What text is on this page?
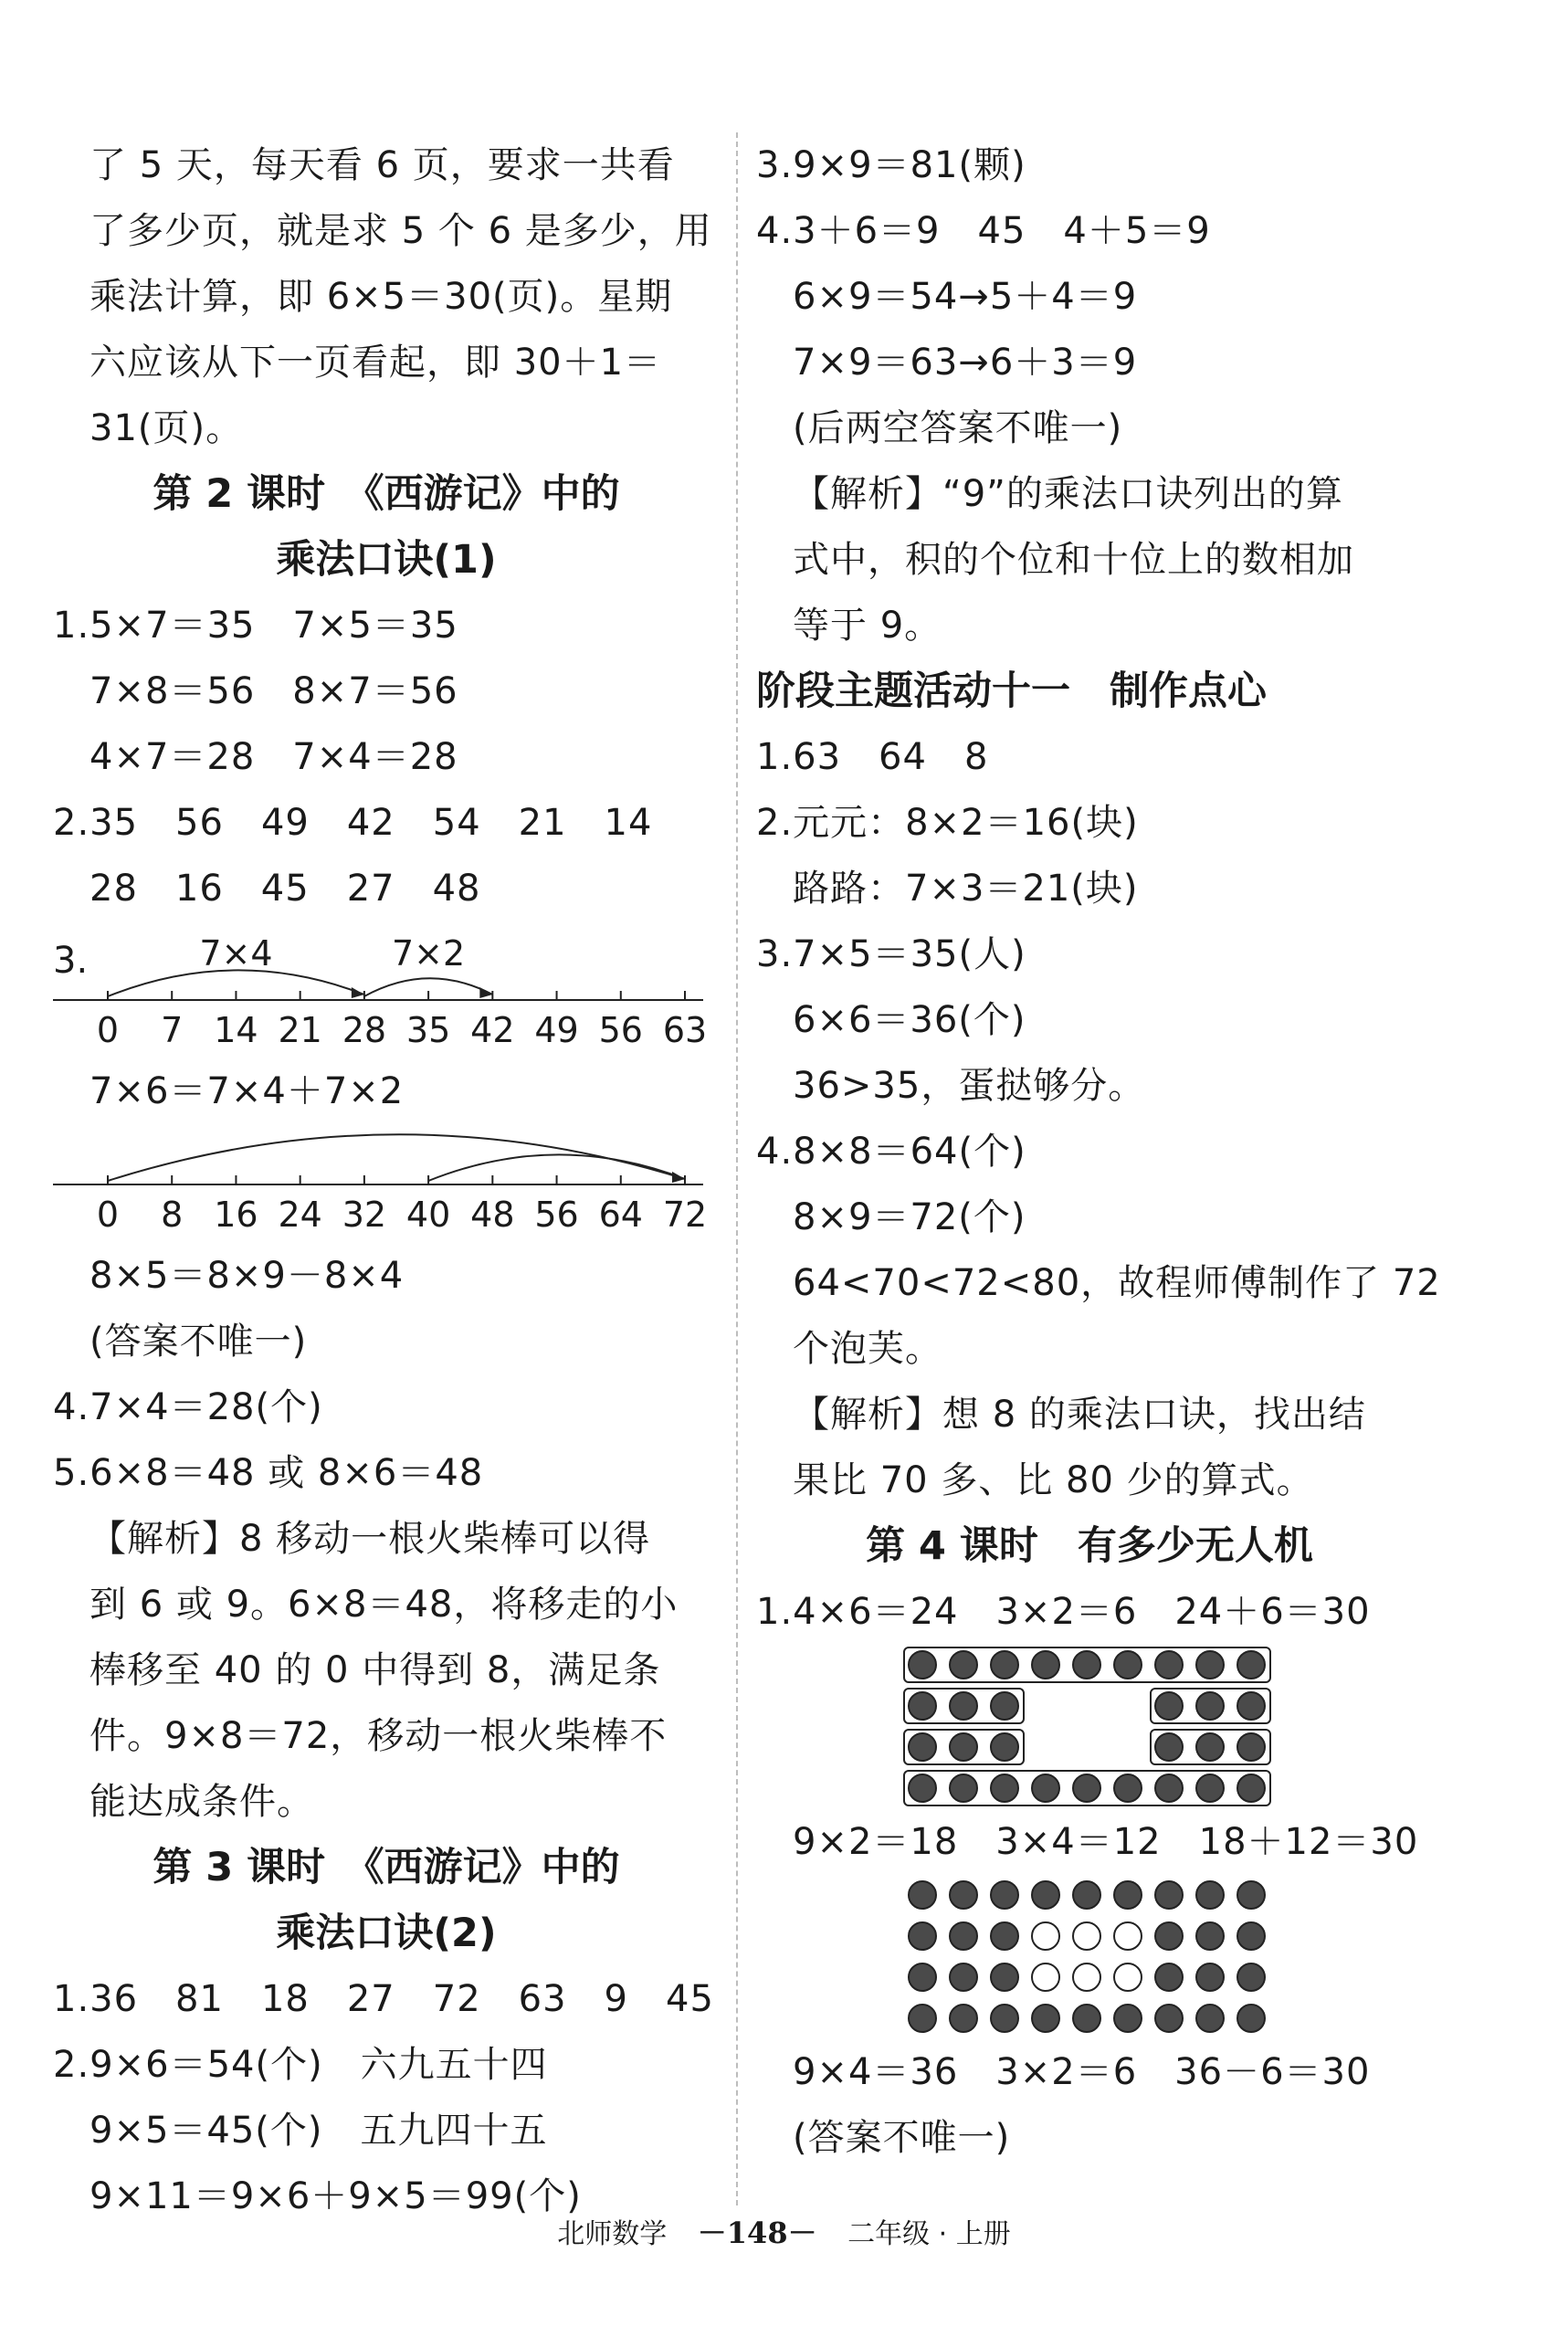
了 5 天，每天看 6 页，要求一共看
了多少页，就是求 5 个 6 是多少，用
乘法计算，即 6×5＝30(页)。星期
六应该从下一页看起，即 30＋1＝
31(页)。
第 2 课时　《西游记》中的
乘法口诀(1)
1.5×7＝35　7×5＝35
7×8＝56　8×7＝56
4×7＝28　7×4＝28
2.35　56　49　42　54　21　14
28　16　45　27　48
0 7 14 21 28 35 42 49 56 63
7×4	7×2
3.
7×6＝7×4＋7×2
0 8 16 24 32 40 48 56 64 72
8×5＝8×9－8×4
(答案不唯一)
4.7×4＝28(个)
5.6×8＝48 或 8×6＝48
【解析】8 移动一根火柴棒可以得
到 6 或 9。6×8＝48，将移走的小
棒移至 40 的 0 中得到 8，满足条
件。9×8＝72，移动一根火柴棒不
能达成条件。
第 3 课时　《西游记》中的
乘法口诀(2)
1.36　81　18　27　72　63　9　45
2.9×6＝54(个)　六九五十四
9×5＝45(个)　五九四十五
9×11＝9×6＋9×5＝99(个)
3.9×9＝81(颗)
4.3＋6＝9　45　4＋5＝9
6×9＝54→5＋4＝9
7×9＝63→6＋3＝9
(后两空答案不唯一)
【解析】“9”的乘法口诀列出的算
式中，积的个位和十位上的数相加
等于 9。
阶段主题活动十一　制作点心
1.63　64　8
2.元元：8×2＝16(块)
路路：7×3＝21(块)
3.7×5＝35(人)
6×6＝36(个)
36>35，蛋挞够分。
4.8×8＝64(个)
8×9＝72(个)
64<70<72<80，故程师傅制作了 72
个泡芙。
【解析】想 8 的乘法口诀，找出结
果比 70 多、比 80 少的算式。
第 4 课时　有多少无人机
1.4×6＝24　3×2＝6　24＋6＝30
9×2＝18　3×4＝12　18＋12＝30
9×4＝36　3×2＝6　36－6＝30
(答案不唯一)
北师数学 －148－ 二年级 · 上册
